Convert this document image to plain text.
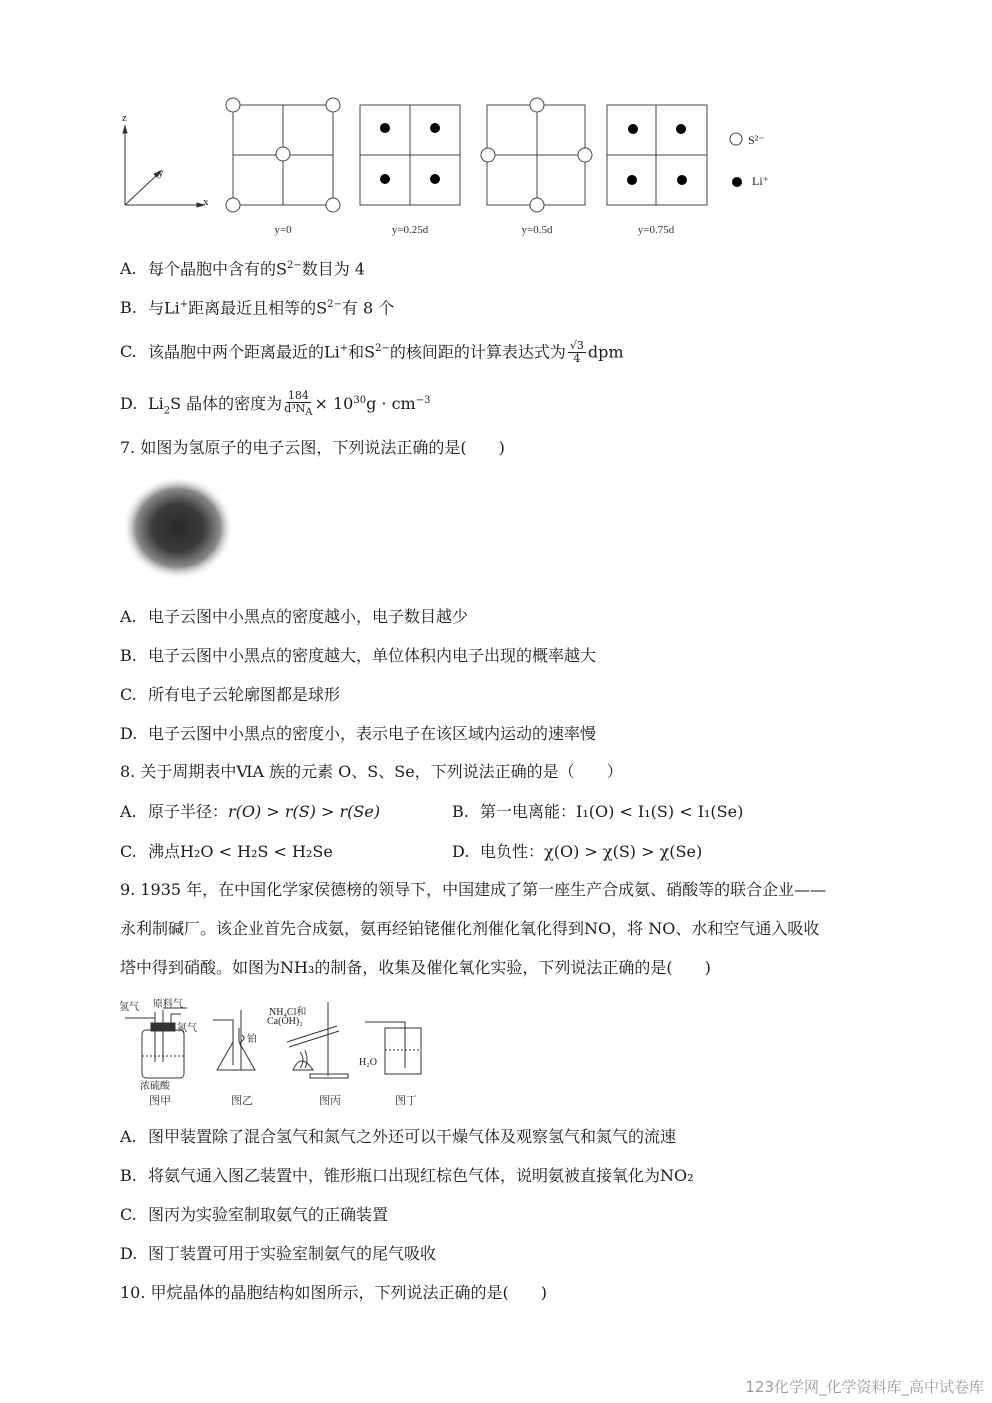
z
y
x
y=0	y=0.25d	y=0.5d	y=0.75d
S²⁻
Li⁺
A. 每个晶胞中含有的$S^{2-}$数目为 4
B. 与Li+距离最近且相等的$S^{2-}$有 8 个
C. 该晶胞中两个距离最近的Li+和$S^{2-}$的核间距的计算表达式为 $\frac{√3}{4}$ dpm
D. $Li_2S$ 晶体的密度为 $\frac{184}{d^3N_A} \times 10^{30}g \cdot cm^{-3}$
7. 如图为氢原子的电子云图，下列说法正确的是(　　)
A. 电子云图中小黑点的密度越小，电子数目越少
B. 电子云图中小黑点的密度越大，单位体积内电子出现的概率越大
C. 所有电子云轮廓图都是球形
D. 电子云图中小黑点的密度小，表示电子在该区域内运动的速率慢
8. 关于周期表中ⅥA 族的元素 O、S、Se，下列说法正确的是（　　）
A. 原子半径：r(O) > r(S) > r(Se)	B. 第一电离能：I₁(O) < I₁(S) < I₁(Se)
C. 沸点H₂O < H₂S < H₂Se	D. 电负性：χ(O) > χ(S) > χ(Se)
9. 1935 年，在中国化学家侯德榜的领导下，中国建成了第一座生产合成氨、硝酸等的联合企业——
永利制碱厂。该企业首先合成氨，氨再经铂铑催化剂催化氧化得到NO，将 NO、水和空气通入吸收
塔中得到硝酸。如图为NH₃的制备，收集及催化氧化实验，下列说法正确的是(　　)
氢气 原料气
氮气
浓硫酸
铂
NH₄Cl和
Ca(OH)₂
H₂O
图甲	图乙	图丙	图丁
A. 图甲装置除了混合氢气和氮气之外还可以干燥气体及观察氢气和氮气的流速
B. 将氨气通入图乙装置中，锥形瓶口出现红棕色气体，说明氨被直接氧化为NO₂
C. 图丙为实验室制取氨气的正确装置
D. 图丁装置可用于实验室制氨气的尾气吸收
10. 甲烷晶体的晶胞结构如图所示，下列说法正确的是(　　)
123化学网_化学资料库_高中试卷库
